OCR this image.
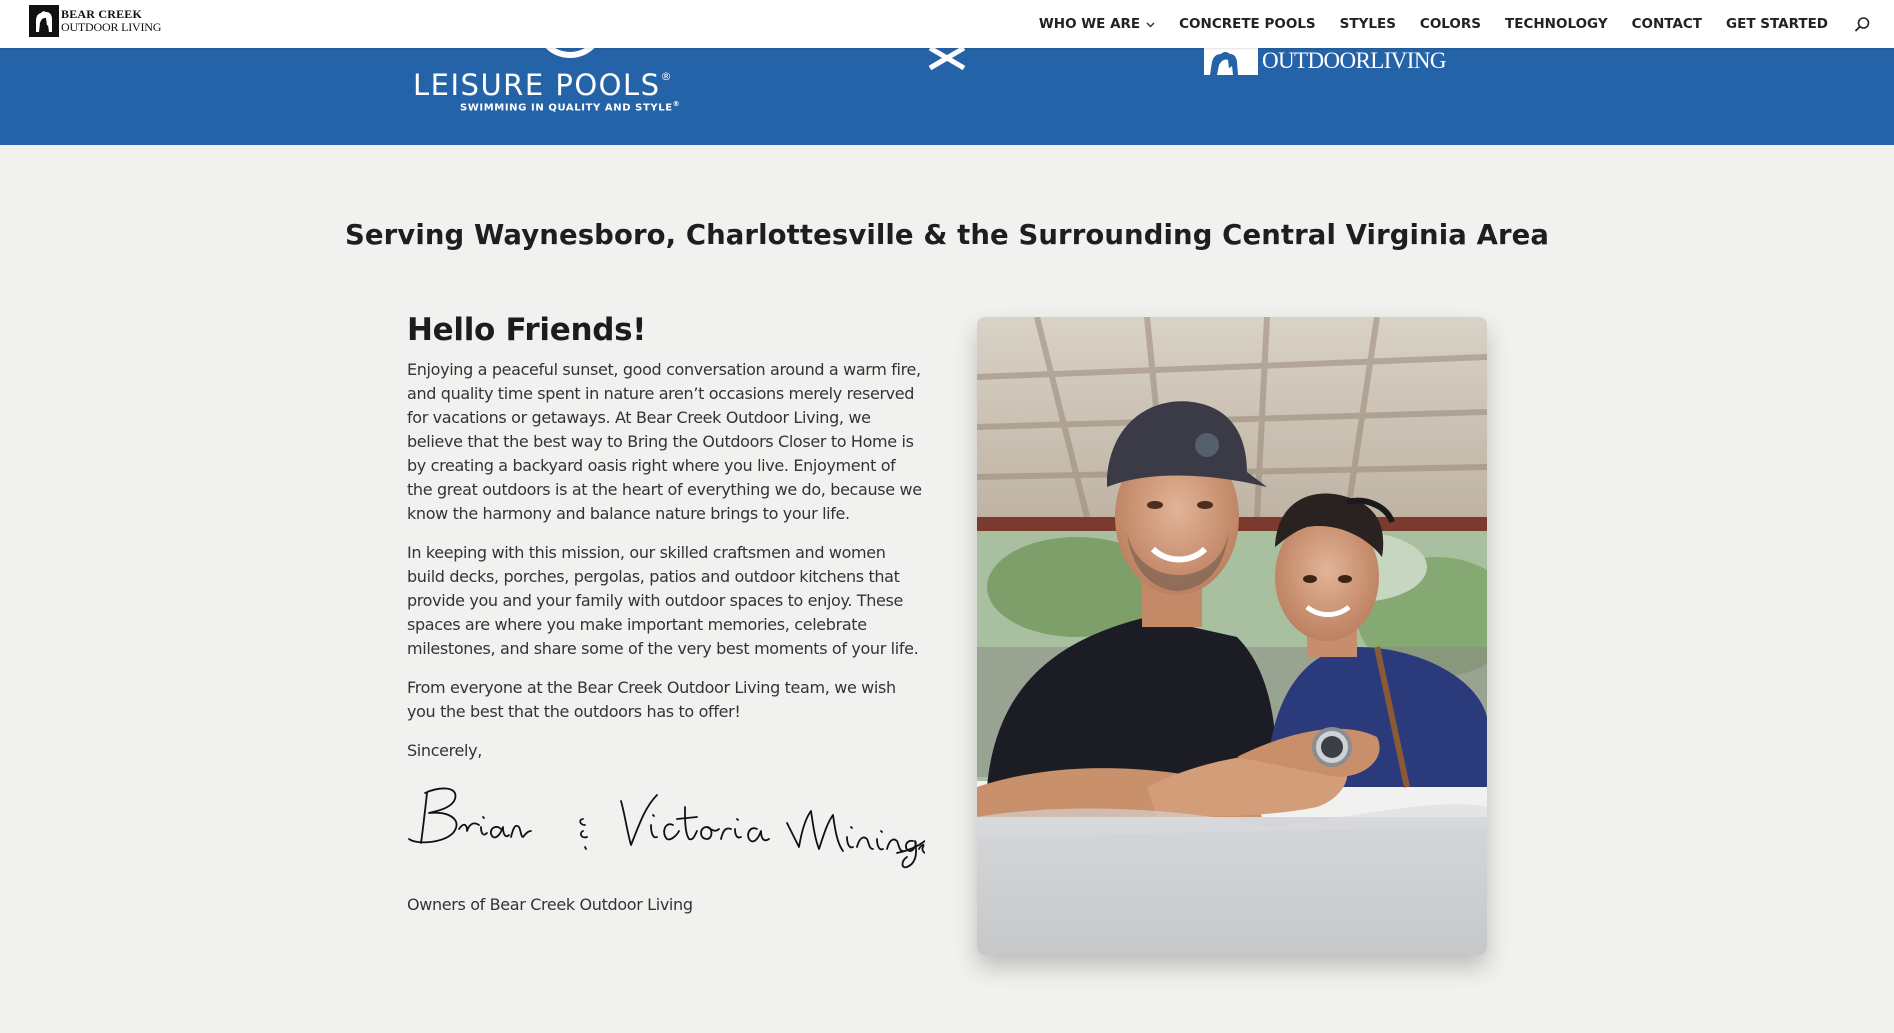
BEAR CREEK
OUTDOOR LIVING	WHO WE ARE	CONCRETE POOLS STYLES COLORS TECHNOLOGY CONTACT GET STARTED
LEISURE POOLS®
SWIMMING IN QUALITY AND STYLE®
OUTDOORLIVING
Serving Waynesboro, Charlottesville & the Surrounding Central Virginia Area
Hello Friends!

Enjoying a peaceful sunset, good conversation around a warm fire, and quality time spent in nature aren’t occasions merely reserved for vacations or getaways. At Bear Creek Outdoor Living, we believe that the best way to Bring the Outdoors Closer to Home is by creating a backyard oasis right where you live. Enjoyment of the great outdoors is at the heart of everything we do, because we know the harmony and balance nature brings to your life.

In keeping with this mission, our skilled craftsmen and women build decks, porches, pergolas, patios and outdoor kitchens that provide you and your family with outdoor spaces to enjoy. These spaces are where you make important memories, celebrate milestones, and share some of the very best moments of your life.

From everyone at the Bear Creek Outdoor Living team, we wish you the best that the outdoors has to offer!

Sincerely,

Owners of Bear Creek Outdoor Living
